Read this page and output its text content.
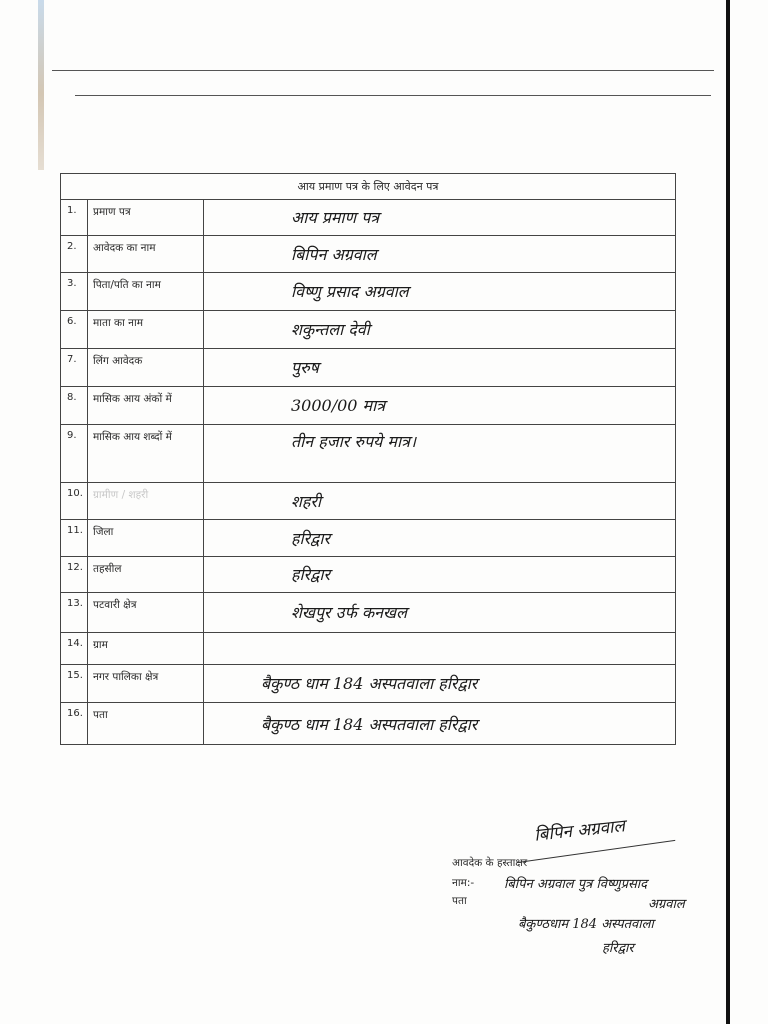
आय प्रमाण पत्र के लिए आवेदन पत्र
1. प्रमाण पत्र	आय प्रमाण पत्र
2. आवेदक का नाम	बिपिन अग्रवाल
3. पिता/पति का नाम	विष्णु प्रसाद अग्रवाल
6. माता का नाम	शकुन्तला देवी
7. लिंग आवेदक	पुरुष
8. मासिक आय अंकों में	3000/00 मात्र
9. मासिक आय शब्दों में	तीन हजार रुपये मात्र।
10. ग्रामीण / शहरी	शहरी
11. जिला	हरिद्वार
12. तहसील	हरिद्वार
13. पटवारी क्षेत्र	शेखपुर उर्फ कनखल
14. ग्राम
15. नगर पालिका क्षेत्र	बैकुण्ठ धाम 184 अस्पतवाला हरिद्वार
16. पता	बैकुण्ठ धाम 184 अस्पतवाला हरिद्वार
बिपिन अग्रवाल
आवदेक के हस्ताक्षर
नाम:- बिपिन अग्रवाल पुत्र विष्णुप्रसाद
अग्रवाल
पता
बैकुण्ठधाम 184 अस्पतवाला
हरिद्वार
